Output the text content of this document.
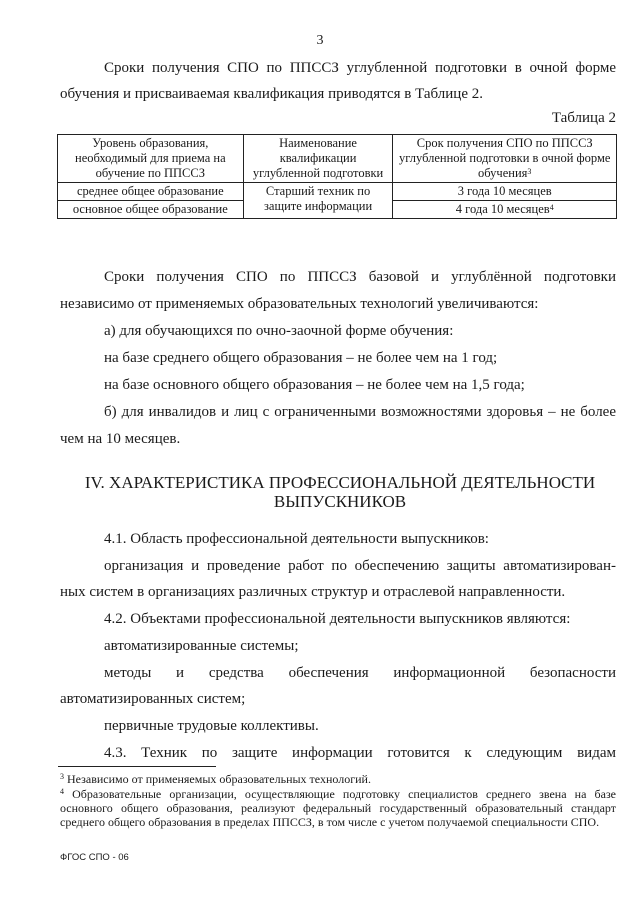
3
Сроки получения СПО по ППССЗ углубленной подготовки в очной форме
обучения и присваиваемая квалификация приводятся в Таблице 2.
Таблица 2
Уровень образования, необходимый для приема на обучение по ППССЗ	Наименование квалификации углубленной подготовки	Срок получения СПО по ППССЗ углубленной подготовки в очной форме обучения$^3$
среднее общее образование	Старший техник по защите информации	3 года 10 месяцев
основное общее образование		4 года 10 месяцев$^4$
Сроки получения СПО по ППССЗ базовой и углублённой подготовки
независимо от применяемых образовательных технологий увеличиваются:
а) для обучающихся по очно-заочной форме обучения:
на базе среднего общего образования – не более чем на 1 год;
на базе основного общего образования – не более чем на 1,5 года;
б) для инвалидов и лиц с ограниченными возможностями здоровья – не более
чем на 10 месяцев.
IV. ХАРАКТЕРИСТИКА ПРОФЕССИОНАЛЬНОЙ ДЕЯТЕЛЬНОСТИ
ВЫПУСКНИКОВ
4.1. Область профессиональной деятельности выпускников:
организация и проведение работ по обеспечению защиты автоматизирован-
ных систем в организациях различных структур и отраслевой направленности.
4.2. Объектами профессиональной деятельности выпускников являются:
автоматизированные системы;
методы и средства обеспечения информационной безопасности
автоматизированных систем;
первичные трудовые коллективы.
4.3. Техник по защите информации готовится к следующим видам
$^3$ Независимо от применяемых образовательных технологий.
$^4$ Образовательные организации, осуществляющие подготовку специалистов среднего звена на базе основного общего образования, реализуют федеральный государственный образовательный стандарт среднего общего образования в пределах ППССЗ, в том числе с учетом получаемой специальности СПО.
ФГОС СПО - 06
